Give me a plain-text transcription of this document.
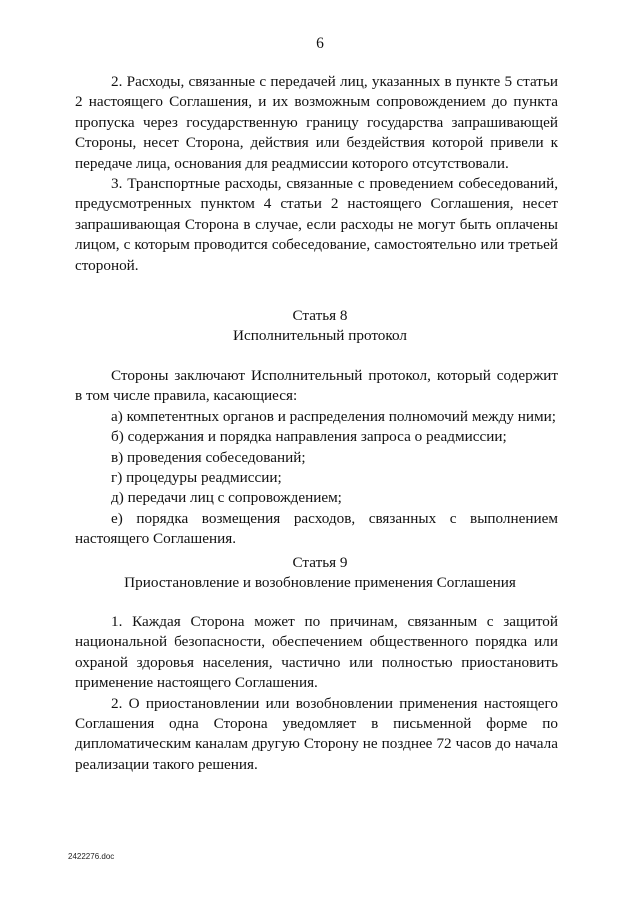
6

2. Расходы, связанные с передачей лиц, указанных в пункте 5 статьи 2 настоящего Соглашения, и их возможным сопровождением до пункта пропуска через государственную границу государства запрашивающей Стороны, несет Сторона, действия или бездействия которой привели к передаче лица, основания для реадмиссии которого отсутствовали.

3. Транспортные расходы, связанные с проведением собеседований, предусмотренных пунктом 4 статьи 2 настоящего Соглашения, несет запрашивающая Сторона в случае, если расходы не могут быть оплачены лицом, с которым проводится собеседование, самостоятельно или третьей стороной.

Статья 8
Исполнительный протокол

Стороны заключают Исполнительный протокол, который содержит в том числе правила, касающиеся:

а) компетентных органов и распределения полномочий между ними;

б) содержания и порядка направления запроса о реадмиссии;

в) проведения собеседований;

г) процедуры реадмиссии;

д) передачи лиц с сопровождением;

е) порядка возмещения расходов, связанных с выполнением настоящего Соглашения.

Статья 9
Приостановление и возобновление применения Соглашения

1. Каждая Сторона может по причинам, связанным с защитой национальной безопасности, обеспечением общественного порядка или охраной здоровья населения, частично или полностью приостановить применение настоящего Соглашения.

2. О приостановлении или возобновлении применения настоящего Соглашения одна Сторона уведомляет в письменной форме по дипломатическим каналам другую Сторону не позднее 72 часов до начала реализации такого решения.

2422276.doc
